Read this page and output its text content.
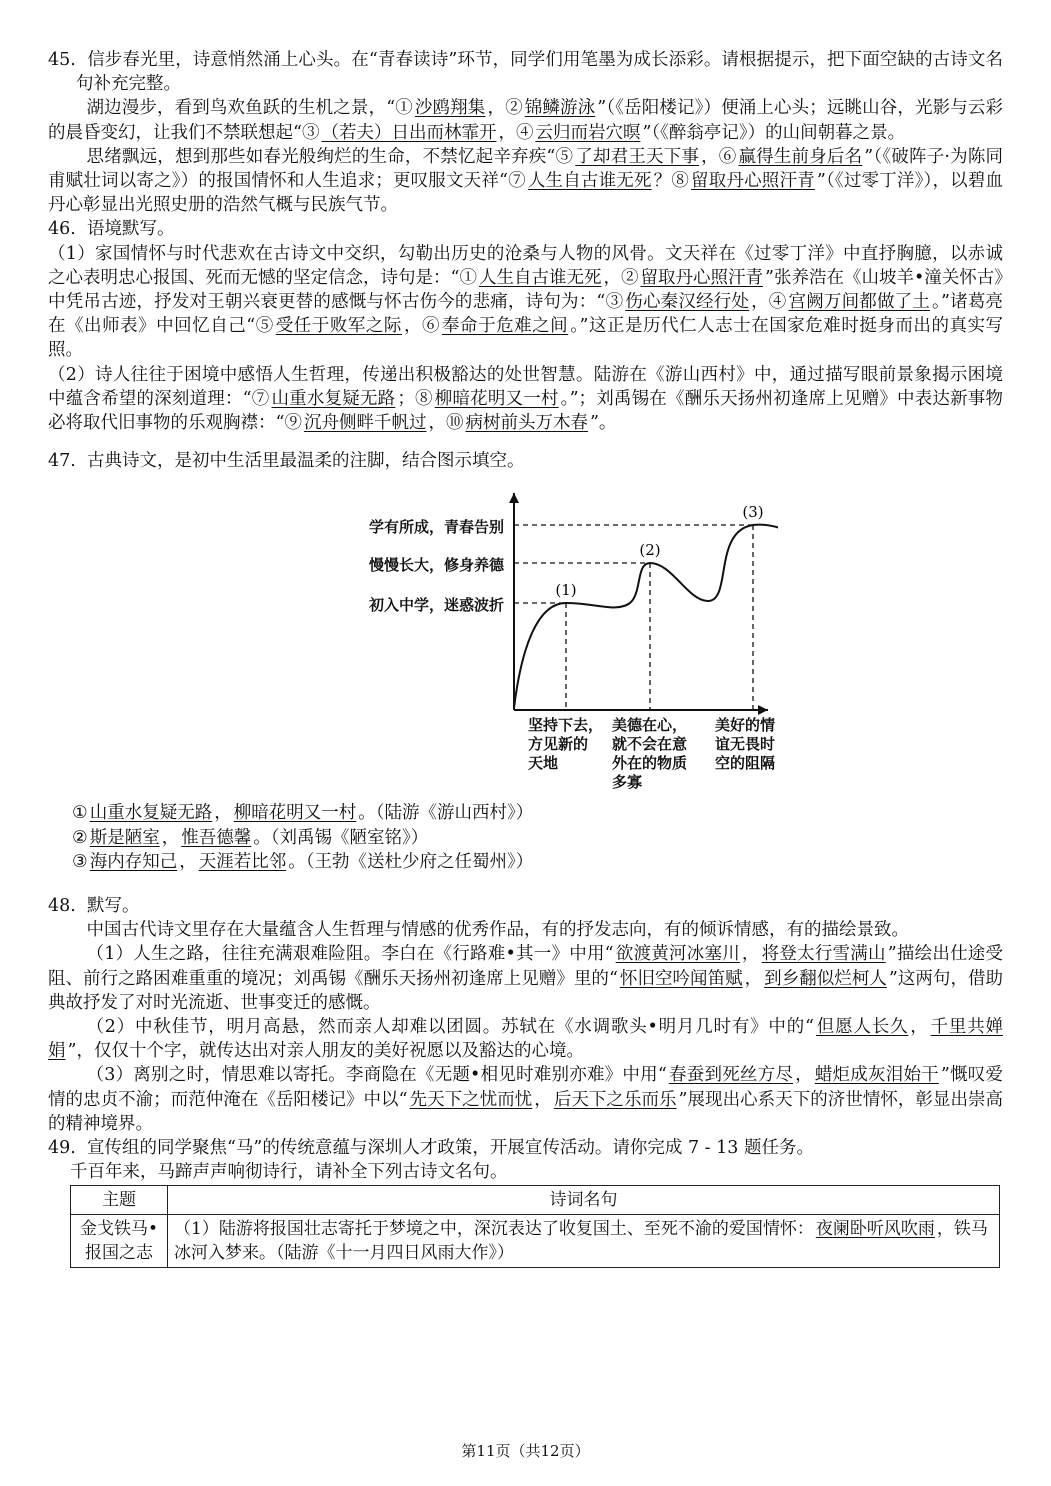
45. 信步春光里，诗意悄然涌上心头。在“青春读诗”环节，同学们用笔墨为成长添彩。请根据提示，把下面空缺的古诗文名句补充完整。

湖边漫步，看到鸟欢鱼跃的生机之景，“① 沙鸥翔集 ，② 锦鳞游泳 ”（《岳阳楼记》）便涌上心头；远眺山谷，光影与云彩的晨昏变幻，让我们不禁联想起“③ （若夫）日出而林霏开 ，④ 云归而岩穴暝 ”（《醉翁亭记》）的山间朝暮之景。

思绪飘远，想到那些如春光般绚烂的生命，不禁忆起辛弃疾“⑤ 了却君王天下事 ，⑥ 赢得生前身后名 ”（《破阵子·为陈同甫赋壮词以寄之》）的报国情怀和人生追求；更叹服文天祥“⑦ 人生自古谁无死 ？⑧ 留取丹心照汗青 ”（《过零丁洋》），以碧血丹心彰显出光照史册的浩然气概与民族气节。

46. 语境默写。

（1）家国情怀与时代悲欢在古诗文中交织，勾勒出历史的沧桑与人物的风骨。文天祥在《过零丁洋》中直抒胸臆，以赤诚之心表明忠心报国、死而无憾的坚定信念，诗句是：“① 人生自古谁无死 ，② 留取丹心照汗青 ”张养浩在《山坡羊•潼关怀古》中凭吊古迹，抒发对王朝兴衰更替的感慨与怀古伤今的悲痛，诗句为：“③ 伤心秦汉经行处 ，④ 宫阙万间都做了土 。”诸葛亮在《出师表》中回忆自己“⑤ 受任于败军之际 ，⑥ 奉命于危难之间 。”这正是历代仁人志士在国家危难时挺身而出的真实写照。

（2）诗人往往于困境中感悟人生哲理，传递出积极豁达的处世智慧。陆游在《游山西村》中，通过描写眼前景象揭示困境中蕴含希望的深刻道理：“⑦ 山重水复疑无路 ；⑧ 柳暗花明又一村 。”；刘禹锡在《酬乐天扬州初逢席上见赠》中表达新事物必将取代旧事物的乐观胸襟：“⑨ 沉舟侧畔千帆过 ，⑩ 病树前头万木春 ”。

47. 古典诗文，是初中生活里最温柔的注脚，结合图示填空。

(1)
(2)
(3)
初入中学，迷惑波折
慢慢长大，修身养德
学有所成，青春告别
坚持下去，
方见新的
天地
美德在心，
就不会在意
外在的物质
多寡
美好的情
谊无畏时
空的阻隔

① 山重水复疑无路 ， 柳暗花明又一村 。（陆游《游山西村》）

② 斯是陋室 ， 惟吾德馨 。（刘禹锡《陋室铭》）

③ 海内存知己 ， 天涯若比邻 。（王勃《送杜少府之任蜀州》）

48. 默写。

中国古代诗文里存在大量蕴含人生哲理与情感的优秀作品，有的抒发志向，有的倾诉情感，有的描绘景致。

（1）人生之路，往往充满艰难险阻。李白在《行路难•其一》中用“ 欲渡黄河冰塞川 ， 将登太行雪满山 ”描绘出仕途受阻、前行之路困难重重的境况；刘禹锡《酬乐天扬州初逢席上见赠》里的“ 怀旧空吟闻笛赋 ， 到乡翻似烂柯人 ”这两句，借助典故抒发了对时光流逝、世事变迁的感慨。

（2）中秋佳节，明月高悬，然而亲人却难以团圆。苏轼在《水调歌头•明月几时有》中的“ 但愿人长久 ， 千里共婵娟 ”，仅仅十个字，就传达出对亲人朋友的美好祝愿以及豁达的心境。

（3）离别之时，情思难以寄托。李商隐在《无题•相见时难别亦难》中用“ 春蚕到死丝方尽 ， 蜡炬成灰泪始干 ”慨叹爱情的忠贞不渝；而范仲淹在《岳阳楼记》中以“ 先天下之忧而忧 ， 后天下之乐而乐 ”展现出心系天下的济世情怀，彰显出崇高的精神境界。

49. 宣传组的同学聚焦“马”的传统意蕴与深圳人才政策，开展宣传活动。请你完成 7 - 13 题任务。

千百年来，马蹄声声响彻诗行，请补全下列古诗文名句。

主题	诗词名句
金戈铁马•报国之志	（1）陆游将报国壮志寄托于梦境之中，深沉表达了收复国土、至死不渝的爱国情怀： 夜阑卧听风吹雨 ，铁马冰河入梦来。（陆游《十一月四日风雨大作》）
第11页（共12页）
